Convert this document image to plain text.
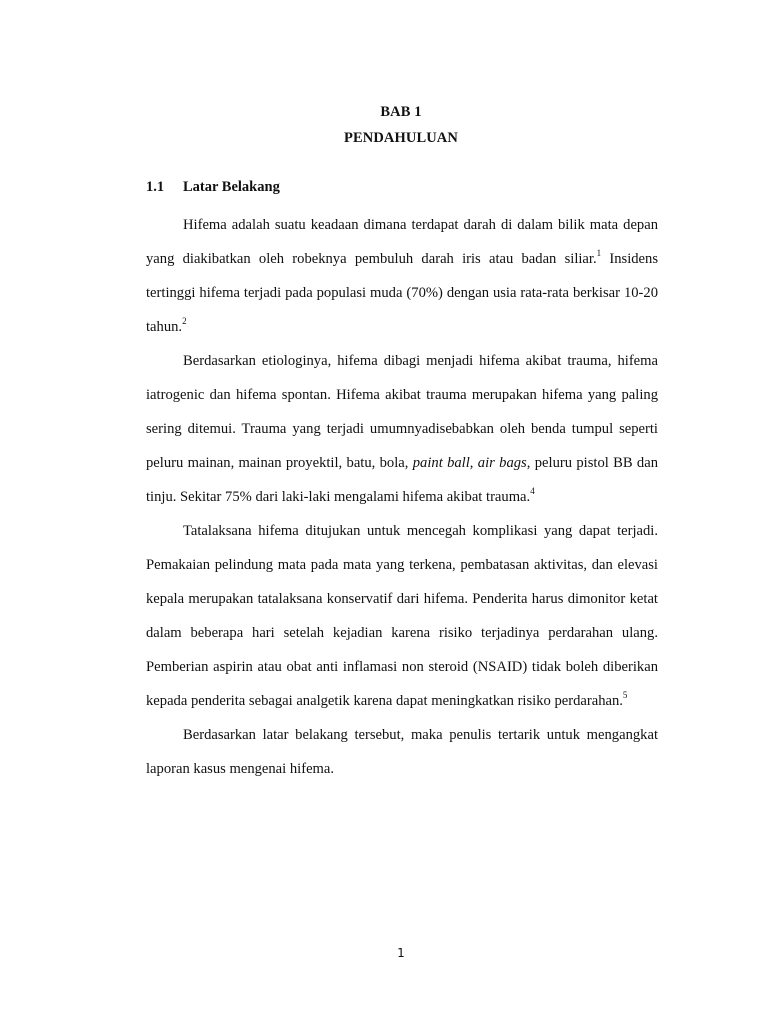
BAB 1
PENDAHULUAN
1.1 Latar Belakang

Hifema adalah suatu keadaan dimana terdapat darah di dalam bilik mata depan yang diakibatkan oleh robeknya pembuluh darah iris atau badan siliar.$^1$ Insidens tertinggi hifema terjadi pada populasi muda (70%) dengan usia rata-rata berkisar 10-20 tahun.$^2$

Berdasarkan etiologinya, hifema dibagi menjadi hifema akibat trauma, hifema iatrogenic dan hifema spontan. Hifema akibat trauma merupakan hifema yang paling sering ditemui. Trauma yang terjadi umumnyadisebabkan oleh benda tumpul seperti peluru mainan, mainan proyektil, batu, bola, paint ball, air bags, peluru pistol BB dan tinju. Sekitar 75% dari laki-laki mengalami hifema akibat trauma.$^4$

Tatalaksana hifema ditujukan untuk mencegah komplikasi yang dapat terjadi. Pemakaian pelindung mata pada mata yang terkena, pembatasan aktivitas, dan elevasi kepala merupakan tatalaksana konservatif dari hifema. Penderita harus dimonitor ketat dalam beberapa hari setelah kejadian karena risiko terjadinya perdarahan ulang. Pemberian aspirin atau obat anti inflamasi non steroid (NSAID) tidak boleh diberikan kepada penderita sebagai analgetik karena dapat meningkatkan risiko perdarahan.$^5$

Berdasarkan latar belakang tersebut, maka penulis tertarik untuk mengangkat laporan kasus mengenai hifema.

1
